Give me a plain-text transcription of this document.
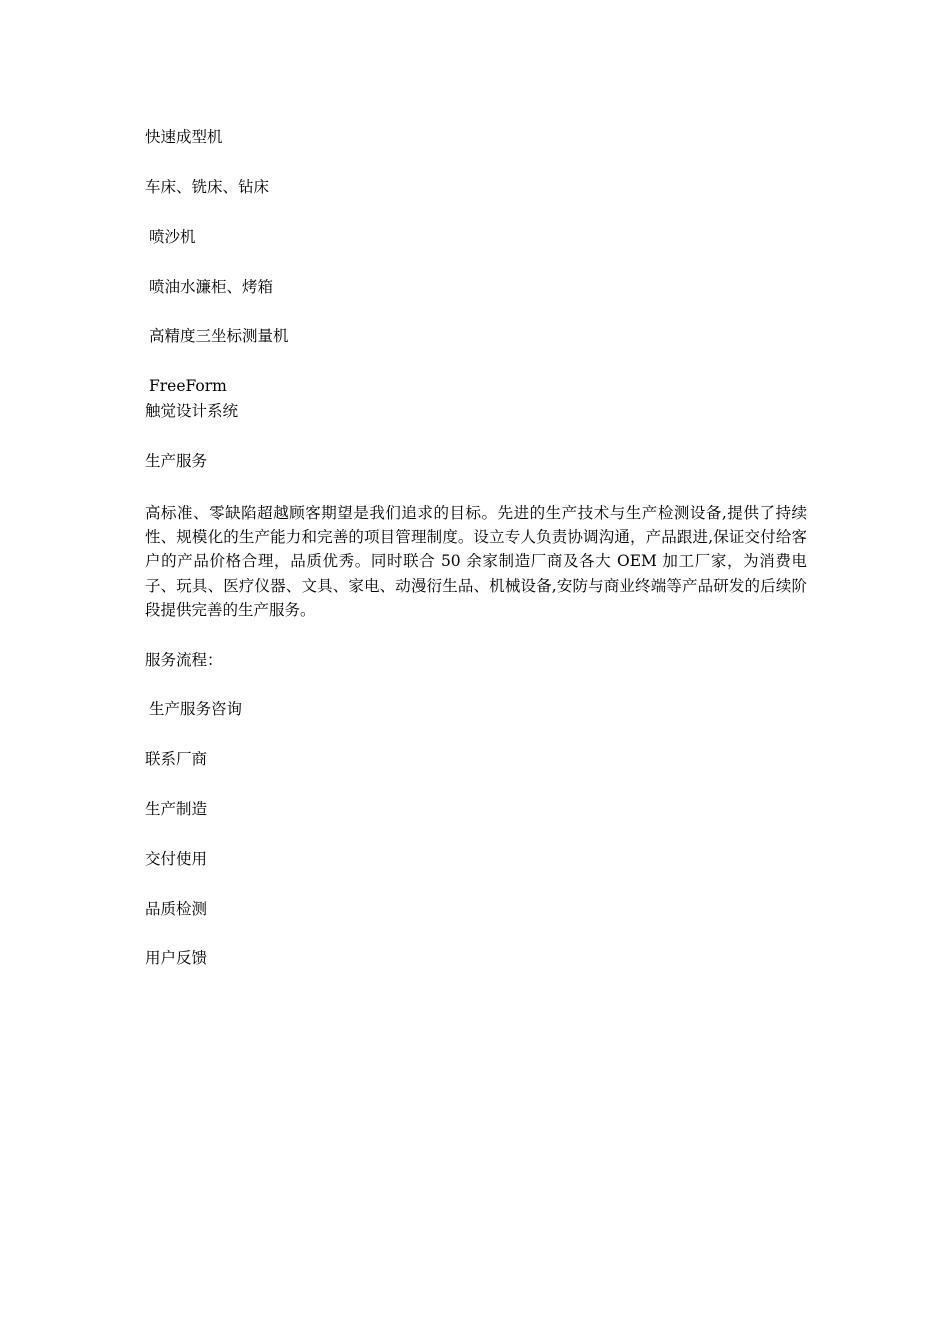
快速成型机
车床、铣床、钻床
喷沙机
喷油水濂柜、烤箱
高精度三坐标测量机
FreeForm
触觉设计系统
生产服务
高标准、零缺陷超越顾客期望是我们追求的目标。先进的生产技术与生产检测设备,提供了持续性、规模化的生产能力和完善的项目管理制度。设立专人负责协调沟通，产品跟进,保证交付给客户的产品价格合理，品质优秀。同时联合 50 余家制造厂商及各大 OEM 加工厂家，为消费电子、玩具、医疗仪器、文具、家电、动漫衍生品、机械设备,安防与商业终端等产品研发的后续阶段提供完善的生产服务。
服务流程：
生产服务咨询
联系厂商
生产制造
交付使用
品质检测
用户反馈
